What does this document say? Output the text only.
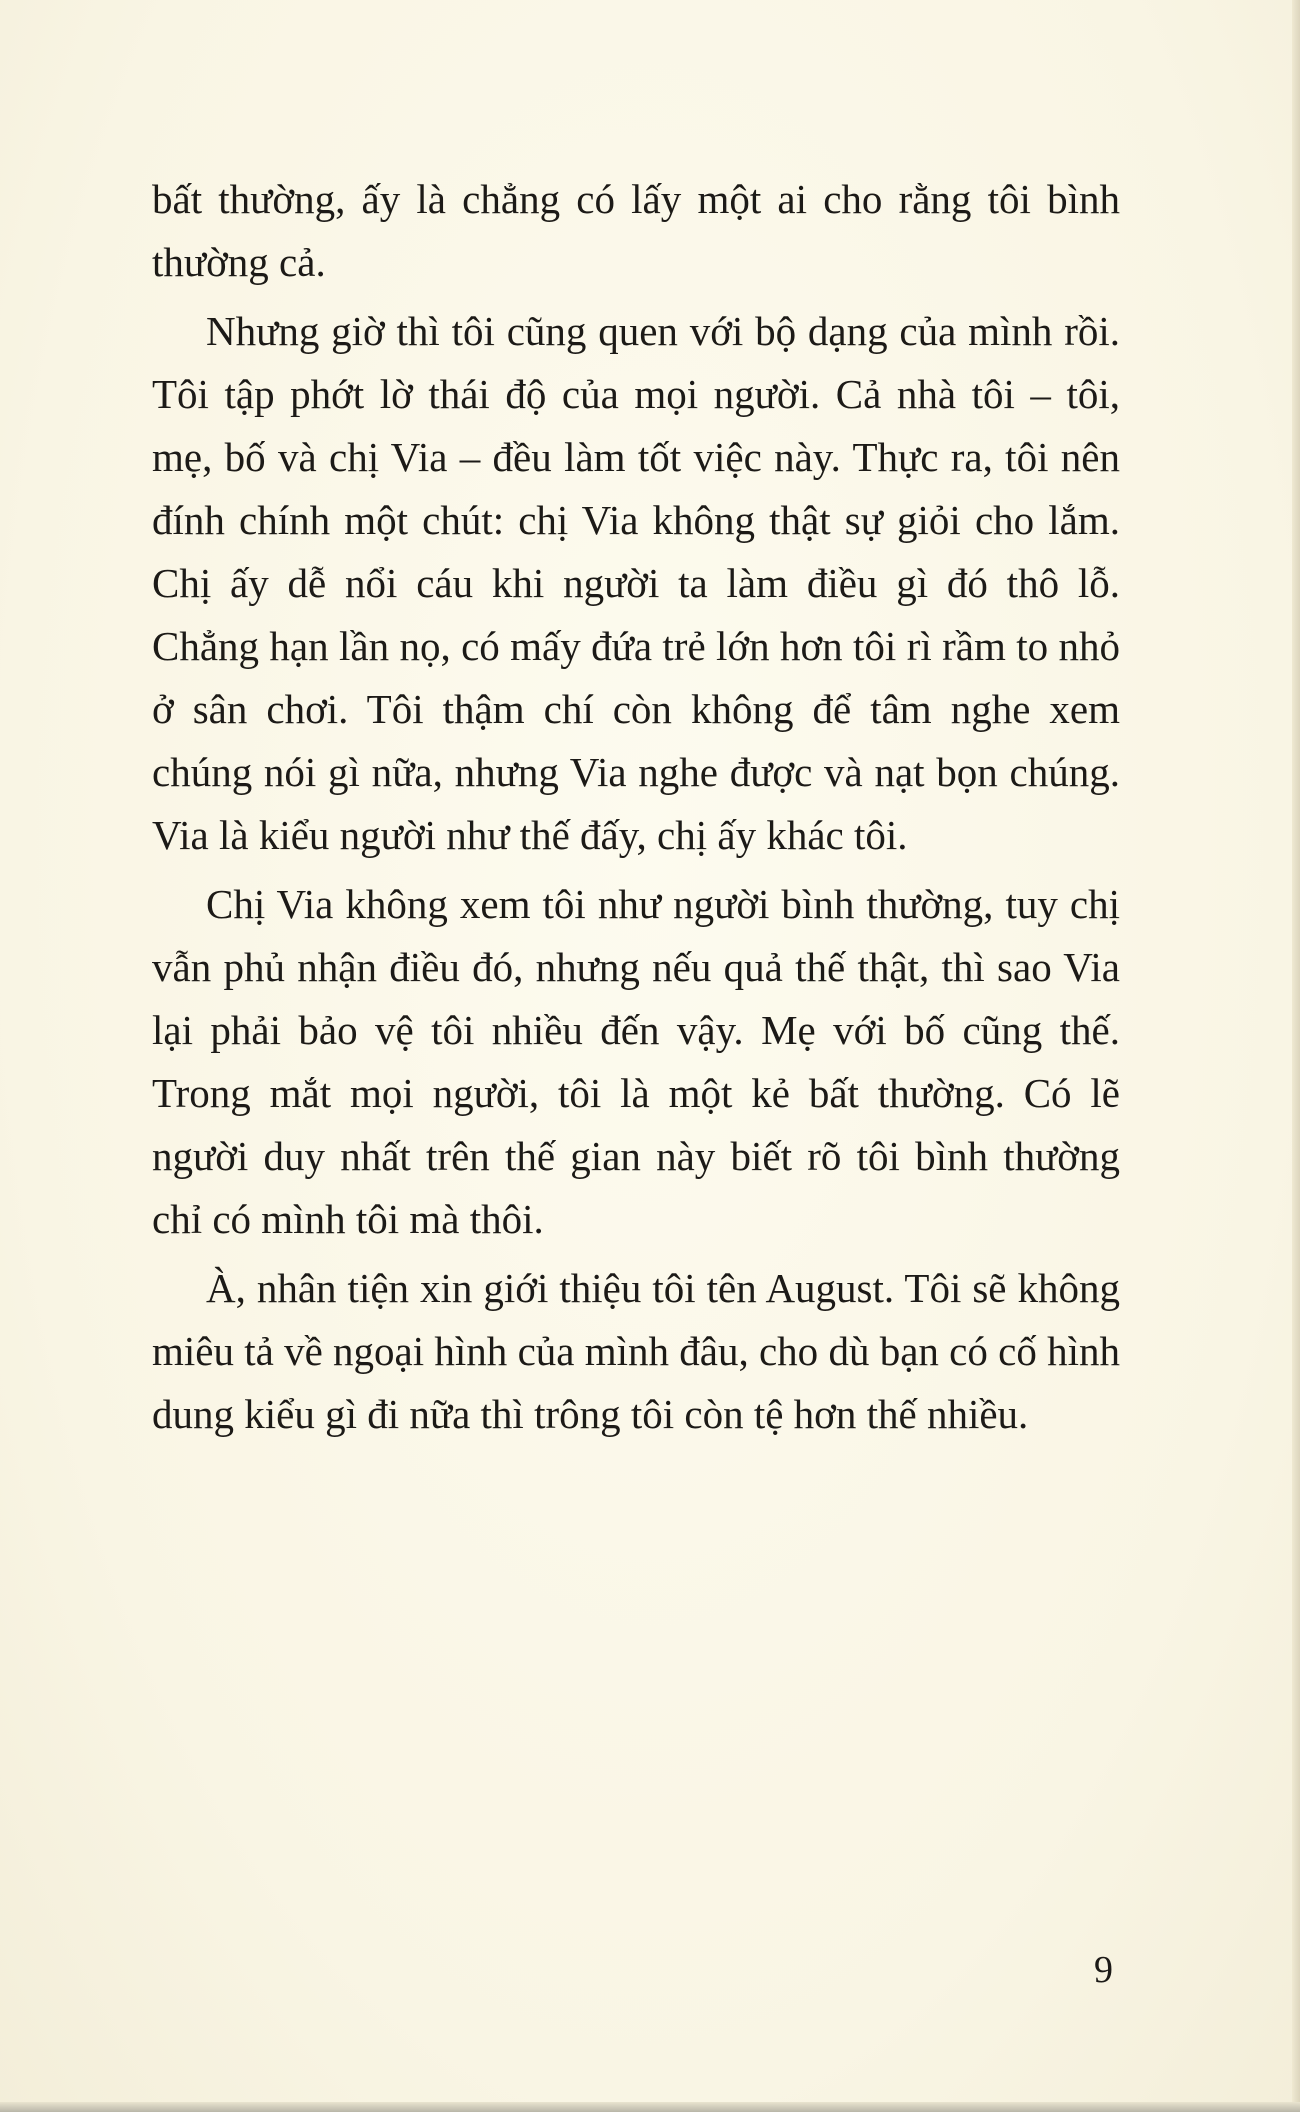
bất thường, ấy là chẳng có lấy một ai cho rằng tôi bình thường cả.

Nhưng giờ thì tôi cũng quen với bộ dạng của mình rồi. Tôi tập phớt lờ thái độ của mọi người. Cả nhà tôi – tôi, mẹ, bố và chị Via – đều làm tốt việc này. Thực ra, tôi nên đính chính một chút: chị Via không thật sự giỏi cho lắm. Chị ấy dễ nổi cáu khi người ta làm điều gì đó thô lỗ. Chẳng hạn lần nọ, có mấy đứa trẻ lớn hơn tôi rì rầm to nhỏ ở sân chơi. Tôi thậm chí còn không để tâm nghe xem chúng nói gì nữa, nhưng Via nghe được và nạt bọn chúng. Via là kiểu người như thế đấy, chị ấy khác tôi.

Chị Via không xem tôi như người bình thường, tuy chị vẫn phủ nhận điều đó, nhưng nếu quả thế thật, thì sao Via lại phải bảo vệ tôi nhiều đến vậy. Mẹ với bố cũng thế. Trong mắt mọi người, tôi là một kẻ bất thường. Có lẽ người duy nhất trên thế gian này biết rõ tôi bình thường chỉ có mình tôi mà thôi.

À, nhân tiện xin giới thiệu tôi tên August. Tôi sẽ không miêu tả về ngoại hình của mình đâu, cho dù bạn có cố hình dung kiểu gì đi nữa thì trông tôi còn tệ hơn thế nhiều.

9
